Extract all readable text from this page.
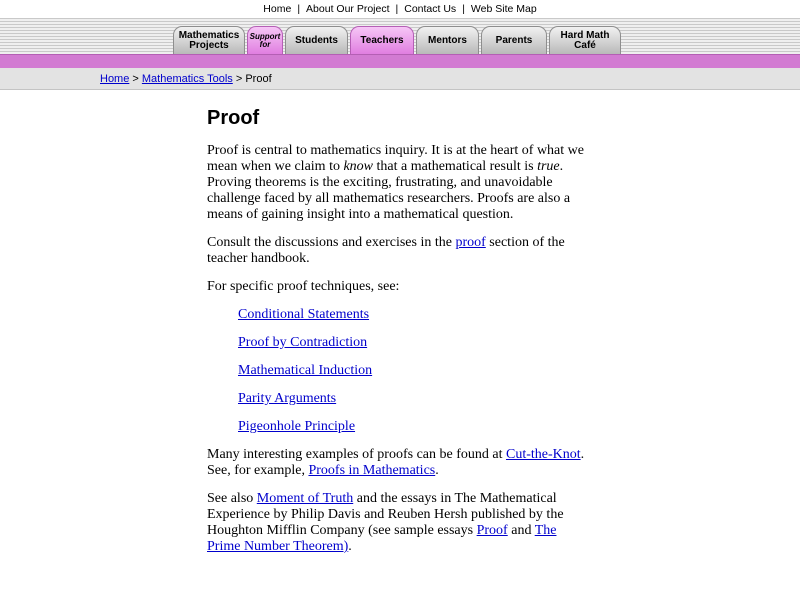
Home | About Our Project | Contact Us | Web Site Map
Mathematics
Projects
Support
for	Students Teachers Mentors	Parents	Hard Math
Café
Home > Mathematics Tools > Proof
Proof

Proof is central to mathematics inquiry. It is at the heart of what we mean when we claim to know that a mathematical result is true. Proving theorems is the exciting, frustrating, and unavoidable challenge faced by all mathematics researchers. Proofs are also a means of gaining insight into a mathematical question.

Consult the discussions and exercises in the proof section of the teacher handbook.

For specific proof techniques, see:

Conditional Statements

Proof by Contradiction

Mathematical Induction

Parity Arguments

Pigeonhole Principle

Many interesting examples of proofs can be found at Cut-the-Knot. See, for example, Proofs in Mathematics.

See also Moment of Truth and the essays in The Mathematical Experience by Philip Davis and Reuben Hersh published by the Houghton Mifflin Company (see sample essays Proof and The Prime Number Theorem).
